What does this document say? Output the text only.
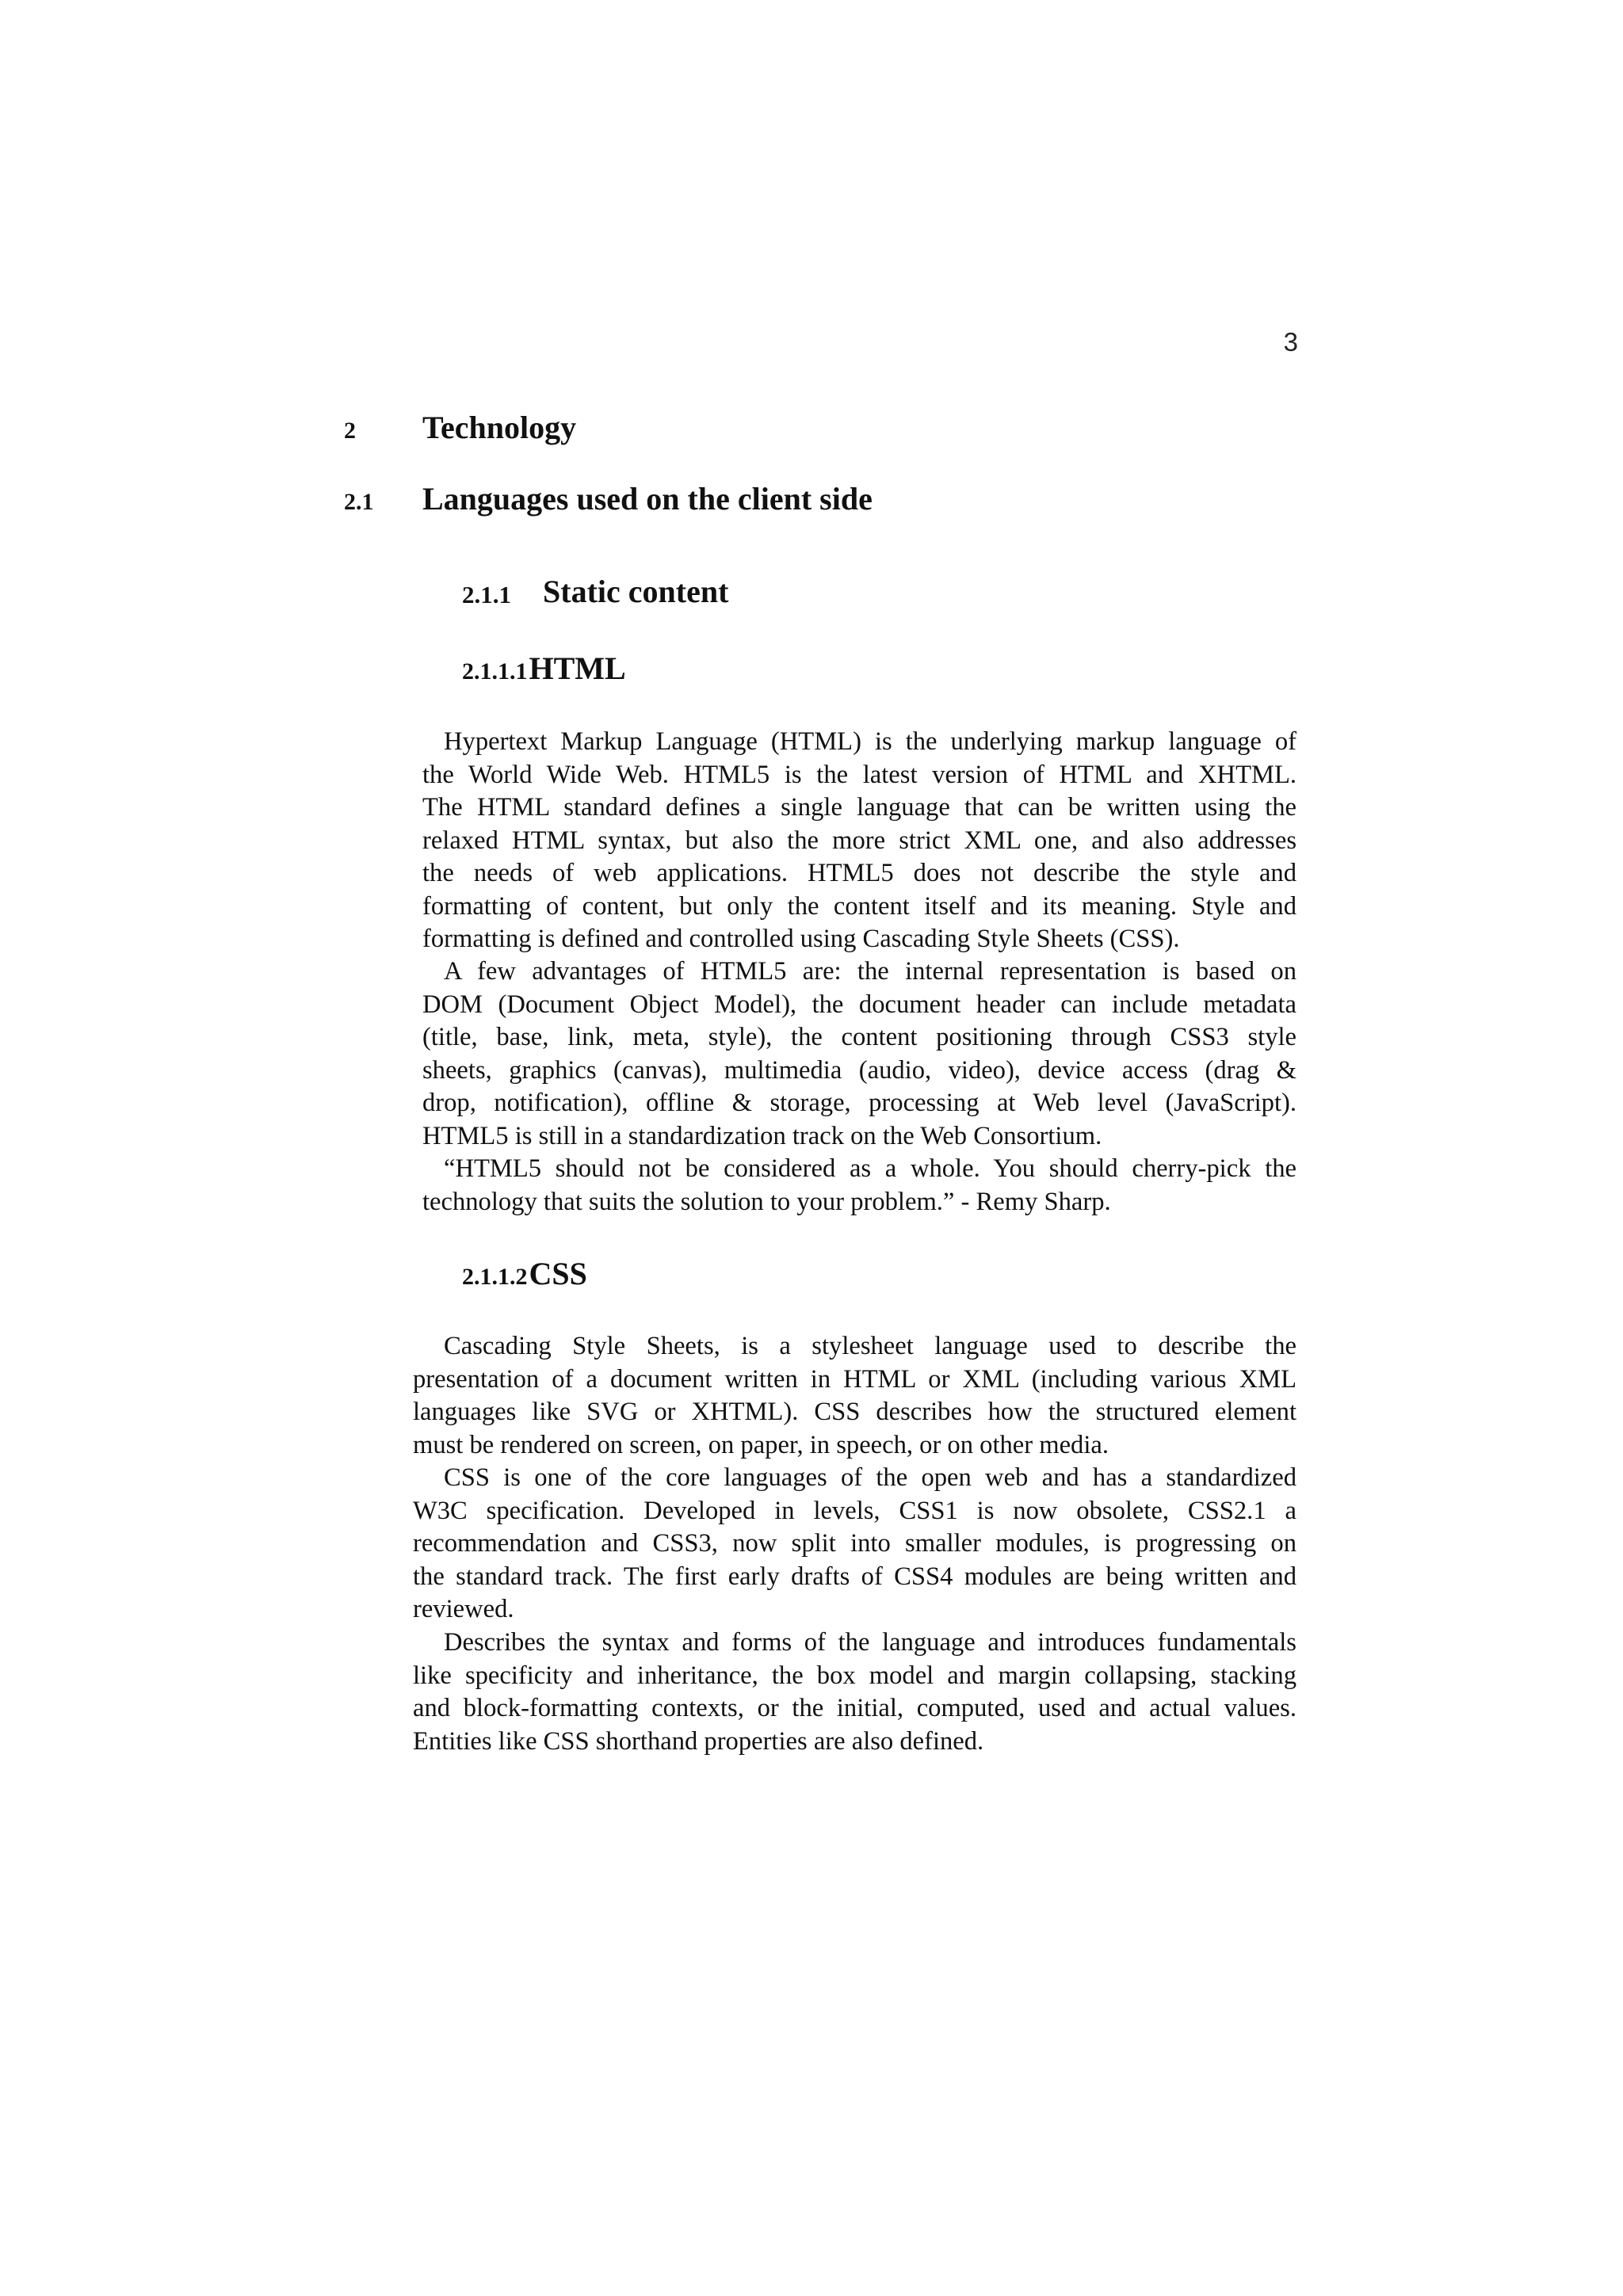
3
2 Technology
2.1 Languages used on the client side
2.1.1 Static content
2.1.1.1HTML
Hypertext Markup Language (HTML) is the underlying markup language of
the World Wide Web. HTML5 is the latest version of HTML and XHTML.
The HTML standard defines a single language that can be written using the
relaxed HTML syntax, but also the more strict XML one, and also addresses
the needs of web applications. HTML5 does not describe the style and
formatting of content, but only the content itself and its meaning. Style and
formatting is defined and controlled using Cascading Style Sheets (CSS).
A few advantages of HTML5 are: the internal representation is based on
DOM (Document Object Model), the document header can include metadata
(title, base, link, meta, style), the content positioning through CSS3 style
sheets, graphics (canvas), multimedia (audio, video), device access (drag &
drop, notification), offline & storage, processing at Web level (JavaScript).
HTML5 is still in a standardization track on the Web Consortium.
“HTML5 should not be considered as a whole. You should cherry-pick the
technology that suits the solution to your problem.” - Remy Sharp.
2.1.1.2CSS
Cascading Style Sheets, is a stylesheet language used to describe the
presentation of a document written in HTML or XML (including various XML
languages like SVG or XHTML). CSS describes how the structured element
must be rendered on screen, on paper, in speech, or on other media.
CSS is one of the core languages of the open web and has a standardized
W3C specification. Developed in levels, CSS1 is now obsolete, CSS2.1 a
recommendation and CSS3, now split into smaller modules, is progressing on
the standard track. The first early drafts of CSS4 modules are being written and
reviewed.
Describes the syntax and forms of the language and introduces fundamentals
like specificity and inheritance, the box model and margin collapsing, stacking
and block-formatting contexts, or the initial, computed, used and actual values.
Entities like CSS shorthand properties are also defined.
